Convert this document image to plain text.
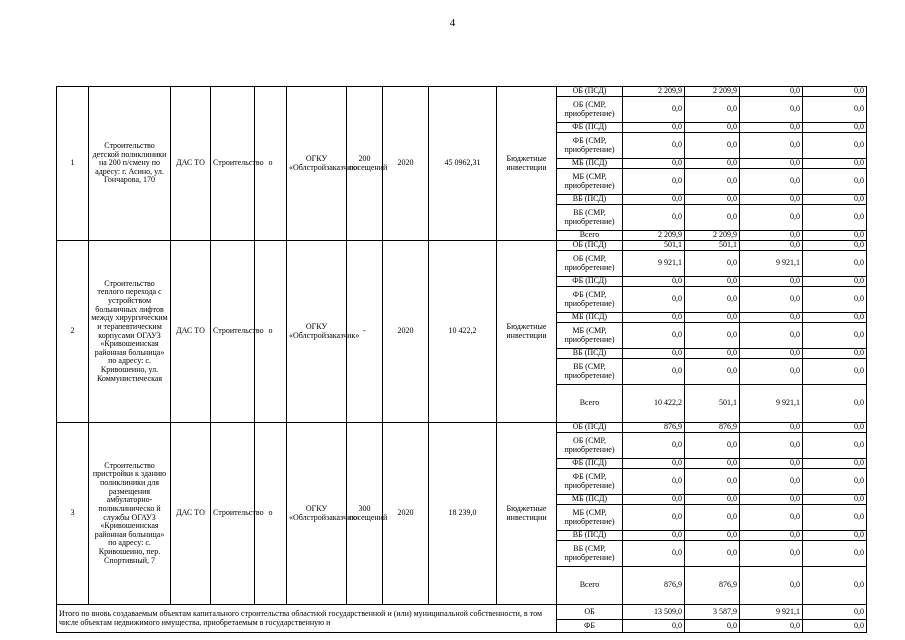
4
1	Строительство детской поликлиники на 200 п/смену по адресу: г. Асино, ул. Гончарова, 170	ДАС ТО	Строительство	о	ОГКУ «Облстройзаказчик»	200 посещений	2020	45 0962,31	Бюджетные инвестиции	ОБ (ПСД)	2 209,9	2 209,9	0,0	0,0
										ОБ (СМР, приобретение)	0,0	0,0	0,0	0,0
										ФБ (ПСД)	0,0	0,0	0,0	0,0
										ФБ (СМР, приобретение)	0,0	0,0	0,0	0,0
										МБ (ПСД)	0,0	0,0	0,0	0,0
										МБ (СМР, приобретение)	0,0	0,0	0,0	0,0
										ВБ (ПСД)	0,0	0,0	0,0	0,0
										ВБ (СМР, приобретение)	0,0	0,0	0,0	0,0
										Всего	2 209,9	2 209,9	0,0	0,0
2	Строительство теплого перехода с устройством больничных лифтов между хирургическим и терапевтическим корпусами ОГАУЗ «Кривошеинская районная больница» по адресу: с. Кривошеино, ул. Коммунистическая	ДАС ТО	Строительство	о	ОГКУ «Облстройзаказчик»	-	2020	10 422,2	Бюджетные инвестиции	ОБ (ПСД)	501,1	501,1	0,0	0,0
										ОБ (СМР, приобретение)	9 921,1	0,0	9 921,1	0,0
										ФБ (ПСД)	0,0	0,0	0,0	0,0
										ФБ (СМР, приобретение)	0,0	0,0	0,0	0,0
										МБ (ПСД)	0,0	0,0	0,0	0,0
										МБ (СМР, приобретение)	0,0	0,0	0,0	0,0
										ВБ (ПСД)	0,0	0,0	0,0	0,0
										ВБ (СМР, приобретение)	0,0	0,0	0,0	0,0
										Всего	10 422,2	501,1	9 921,1	0,0
3	Строительство пристройки к зданию поликлиники для размещения амбулаторно-поликлиническо й службы ОГАУЗ «Кривошеинская районная больница» по адресу: с. Кривошеино, пер. Спортивный, 7	ДАС ТО	Строительство	о	ОГКУ «Облстройзаказчик»	300 посещений	2020	18 239,0	Бюджетные инвестиции	ОБ (ПСД)	876,9	876,9	0,0	0,0
										ОБ (СМР, приобретение)	0,0	0,0	0,0	0,0
										ФБ (ПСД)	0,0	0,0	0,0	0,0
										ФБ (СМР, приобретение)	0,0	0,0	0,0	0,0
										МБ (ПСД)	0,0	0,0	0,0	0,0
										МБ (СМР, приобретение)	0,0	0,0	0,0	0,0
										ВБ (ПСД)	0,0	0,0	0,0	0,0
										ВБ (СМР, приобретение)	0,0	0,0	0,0	0,0
										Всего	876,9	876,9	0,0	0,0
Итого по вновь создаваемым объектам капитального строительства областной государственной и (или) муниципальной собственности, в том числе объектам недвижимого имущества, приобретаемым в государственную и										ОБ	13 509,0	3 587,9	9 921,1	0,0
										ФБ	0,0	0,0	0,0	0,0
